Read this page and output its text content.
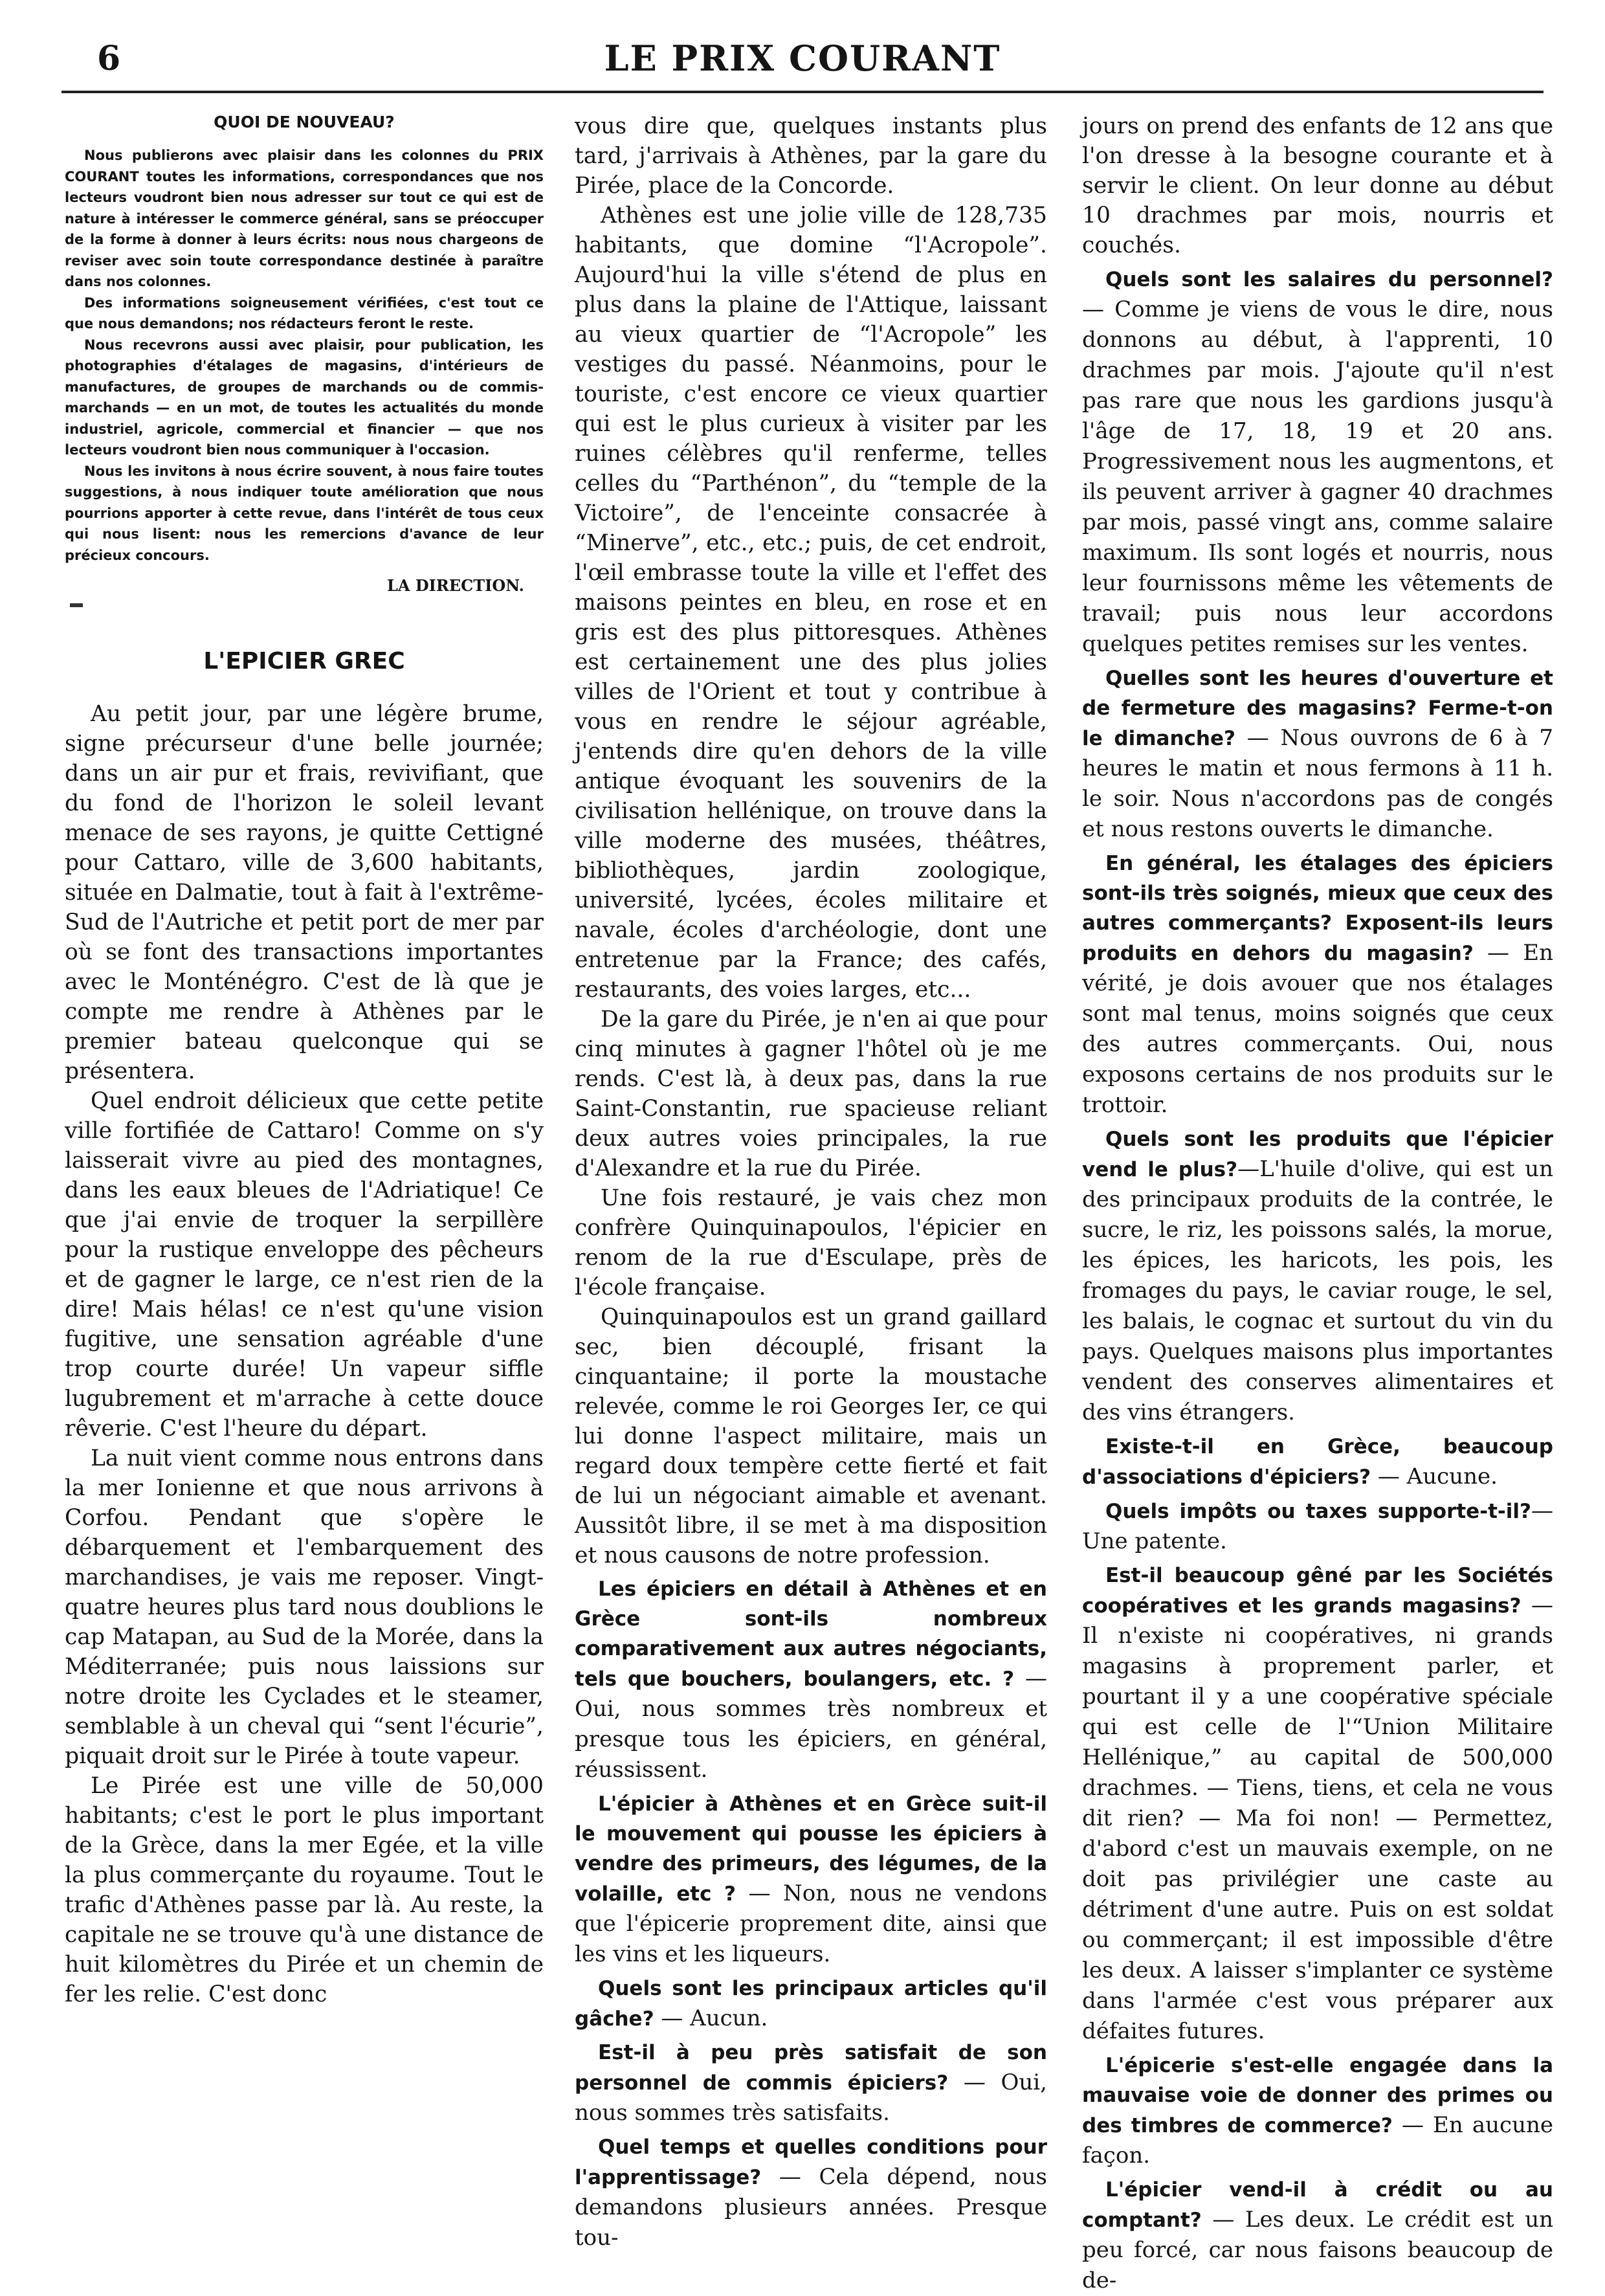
6	LE PRIX COURANT
QUOI DE NOUVEAU?

Nous publierons avec plaisir dans les colonnes du PRIX COURANT toutes les informations, correspondances que nos lecteurs voudront bien nous adresser sur tout ce qui est de nature à intéresser le commerce général, sans se préoccuper de la forme à donner à leurs écrits: nous nous chargeons de reviser avec soin toute correspondance destinée à paraître dans nos colonnes.

Des informations soigneusement vérifiées, c'est tout ce que nous demandons; nos rédacteurs feront le reste.

Nous recevrons aussi avec plaisir, pour publication, les photographies d'étalages de magasins, d'intérieurs de manufactures, de groupes de marchands ou de commis-marchands — en un mot, de toutes les actualités du monde industriel, agricole, commercial et financier — que nos lecteurs voudront bien nous communiquer à l'occasion.

Nous les invitons à nous écrire souvent, à nous faire toutes suggestions, à nous indiquer toute amélioration que nous pourrions apporter à cette revue, dans l'intérêt de tous ceux qui nous lisent: nous les remercions d'avance de leur précieux concours.

LA DIRECTION.
L'EPICIER GREC

Au petit jour, par une légère brume, signe précurseur d'une belle journée; dans un air pur et frais, revivifiant, que du fond de l'horizon le soleil levant menace de ses rayons, je quitte Cettigné pour Cattaro, ville de 3,600 habitants, située en Dalmatie, tout à fait à l'extrême-Sud de l'Autriche et petit port de mer par où se font des transactions importantes avec le Monténégro. C'est de là que je compte me rendre à Athènes par le premier bateau quelconque qui se présentera.

Quel endroit délicieux que cette petite ville fortifiée de Cattaro! Comme on s'y laisserait vivre au pied des montagnes, dans les eaux bleues de l'Adriatique! Ce que j'ai envie de troquer la serpillère pour la rustique enveloppe des pêcheurs et de gagner le large, ce n'est rien de la dire! Mais hélas! ce n'est qu'une vision fugitive, une sensation agréable d'une trop courte durée! Un vapeur siffle lugubrement et m'arrache à cette douce rêverie. C'est l'heure du départ.

La nuit vient comme nous entrons dans la mer Ionienne et que nous arrivons à Corfou. Pendant que s'opère le débarquement et l'embarquement des marchandises, je vais me reposer. Vingt-quatre heures plus tard nous doublions le cap Matapan, au Sud de la Morée, dans la Méditerranée; puis nous laissions sur notre droite les Cyclades et le steamer, semblable à un cheval qui “sent l'écurie”, piquait droit sur le Pirée à toute vapeur.

Le Pirée est une ville de 50,000 habitants; c'est le port le plus important de la Grèce, dans la mer Egée, et la ville la plus commerçante du royaume. Tout le trafic d'Athènes passe par là. Au reste, la capitale ne se trouve qu'à une distance de huit kilomètres du Pirée et un chemin de fer les relie. C'est donc

vous dire que, quelques instants plus tard, j'arrivais à Athènes, par la gare du Pirée, place de la Concorde.

Athènes est une jolie ville de 128,735 habitants, que domine “l'Acropole”. Aujourd'hui la ville s'étend de plus en plus dans la plaine de l'Attique, laissant au vieux quartier de “l'Acropole” les vestiges du passé. Néanmoins, pour le touriste, c'est encore ce vieux quartier qui est le plus curieux à visiter par les ruines célèbres qu'il renferme, telles celles du “Parthénon”, du “temple de la Victoire”, de l'enceinte consacrée à “Minerve”, etc., etc.; puis, de cet endroit, l'œil embrasse toute la ville et l'effet des maisons peintes en bleu, en rose et en gris est des plus pittoresques. Athènes est certainement une des plus jolies villes de l'Orient et tout y contribue à vous en rendre le séjour agréable, j'entends dire qu'en dehors de la ville antique évoquant les souvenirs de la civilisation hellénique, on trouve dans la ville moderne des musées, théâtres, bibliothèques, jardin zoologique, université, lycées, écoles militaire et navale, écoles d'archéologie, dont une entretenue par la France; des cafés, restaurants, des voies larges, etc...

De la gare du Pirée, je n'en ai que pour cinq minutes à gagner l'hôtel où je me rends. C'est là, à deux pas, dans la rue Saint-Constantin, rue spacieuse reliant deux autres voies principales, la rue d'Alexandre et la rue du Pirée.

Une fois restauré, je vais chez mon confrère Quinquinapoulos, l'épicier en renom de la rue d'Esculape, près de l'école française.

Quinquinapoulos est un grand gaillard sec, bien découplé, frisant la cinquantaine; il porte la moustache relevée, comme le roi Georges Ier, ce qui lui donne l'aspect militaire, mais un regard doux tempère cette fierté et fait de lui un négociant aimable et avenant. Aussitôt libre, il se met à ma disposition et nous causons de notre profession.

Les épiciers en détail à Athènes et en Grèce sont-ils nombreux comparativement aux autres négociants, tels que bouchers, boulangers, etc. ? — Oui, nous sommes très nombreux et presque tous les épiciers, en général, réussissent.

L'épicier à Athènes et en Grèce suit-il le mouvement qui pousse les épiciers à vendre des primeurs, des légumes, de la volaille, etc ? — Non, nous ne vendons que l'épicerie proprement dite, ainsi que les vins et les liqueurs.

Quels sont les principaux articles qu'il gâche? — Aucun.

Est-il à peu près satisfait de son personnel de commis épiciers? — Oui, nous sommes très satisfaits.

Quel temps et quelles conditions pour l'apprentissage? — Cela dépend, nous demandons plusieurs années. Presque tou-

jours on prend des enfants de 12 ans que l'on dresse à la besogne courante et à servir le client. On leur donne au début 10 drachmes par mois, nourris et couchés.

Quels sont les salaires du personnel? — Comme je viens de vous le dire, nous donnons au début, à l'apprenti, 10 drachmes par mois. J'ajoute qu'il n'est pas rare que nous les gardions jusqu'à l'âge de 17, 18, 19 et 20 ans. Progressivement nous les augmentons, et ils peuvent arriver à gagner 40 drachmes par mois, passé vingt ans, comme salaire maximum. Ils sont logés et nourris, nous leur fournissons même les vêtements de travail; puis nous leur accordons quelques petites remises sur les ventes.

Quelles sont les heures d'ouverture et de fermeture des magasins? Ferme-t-on le dimanche? — Nous ouvrons de 6 à 7 heures le matin et nous fermons à 11 h. le soir. Nous n'accordons pas de congés et nous restons ouverts le dimanche.

En général, les étalages des épiciers sont-ils très soignés, mieux que ceux des autres commerçants? Exposent-ils leurs produits en dehors du magasin? — En vérité, je dois avouer que nos étalages sont mal tenus, moins soignés que ceux des autres commerçants. Oui, nous exposons certains de nos produits sur le trottoir.

Quels sont les produits que l'épicier vend le plus?—L'huile d'olive, qui est un des principaux produits de la contrée, le sucre, le riz, les poissons salés, la morue, les épices, les haricots, les pois, les fromages du pays, le caviar rouge, le sel, les balais, le cognac et surtout du vin du pays. Quelques maisons plus importantes vendent des conserves alimentaires et des vins étrangers.

Existe-t-il en Grèce, beaucoup d'associations d'épiciers? — Aucune.

Quels impôts ou taxes supporte-t-il?— Une patente.

Est-il beaucoup gêné par les Sociétés coopératives et les grands magasins? — Il n'existe ni coopératives, ni grands magasins à proprement parler, et pourtant il y a une coopérative spéciale qui est celle de l'“Union Militaire Hellénique,” au capital de 500,000 drachmes. — Tiens, tiens, et cela ne vous dit rien? — Ma foi non! — Permettez, d'abord c'est un mauvais exemple, on ne doit pas privilégier une caste au détriment d'une autre. Puis on est soldat ou commerçant; il est impossible d'être les deux. A laisser s'implanter ce système dans l'armée c'est vous préparer aux défaites futures.

L'épicerie s'est-elle engagée dans la mauvaise voie de donner des primes ou des timbres de commerce? — En aucune façon.

L'épicier vend-il à crédit ou au comptant? — Les deux. Le crédit est un peu forcé, car nous faisons beaucoup de de-
